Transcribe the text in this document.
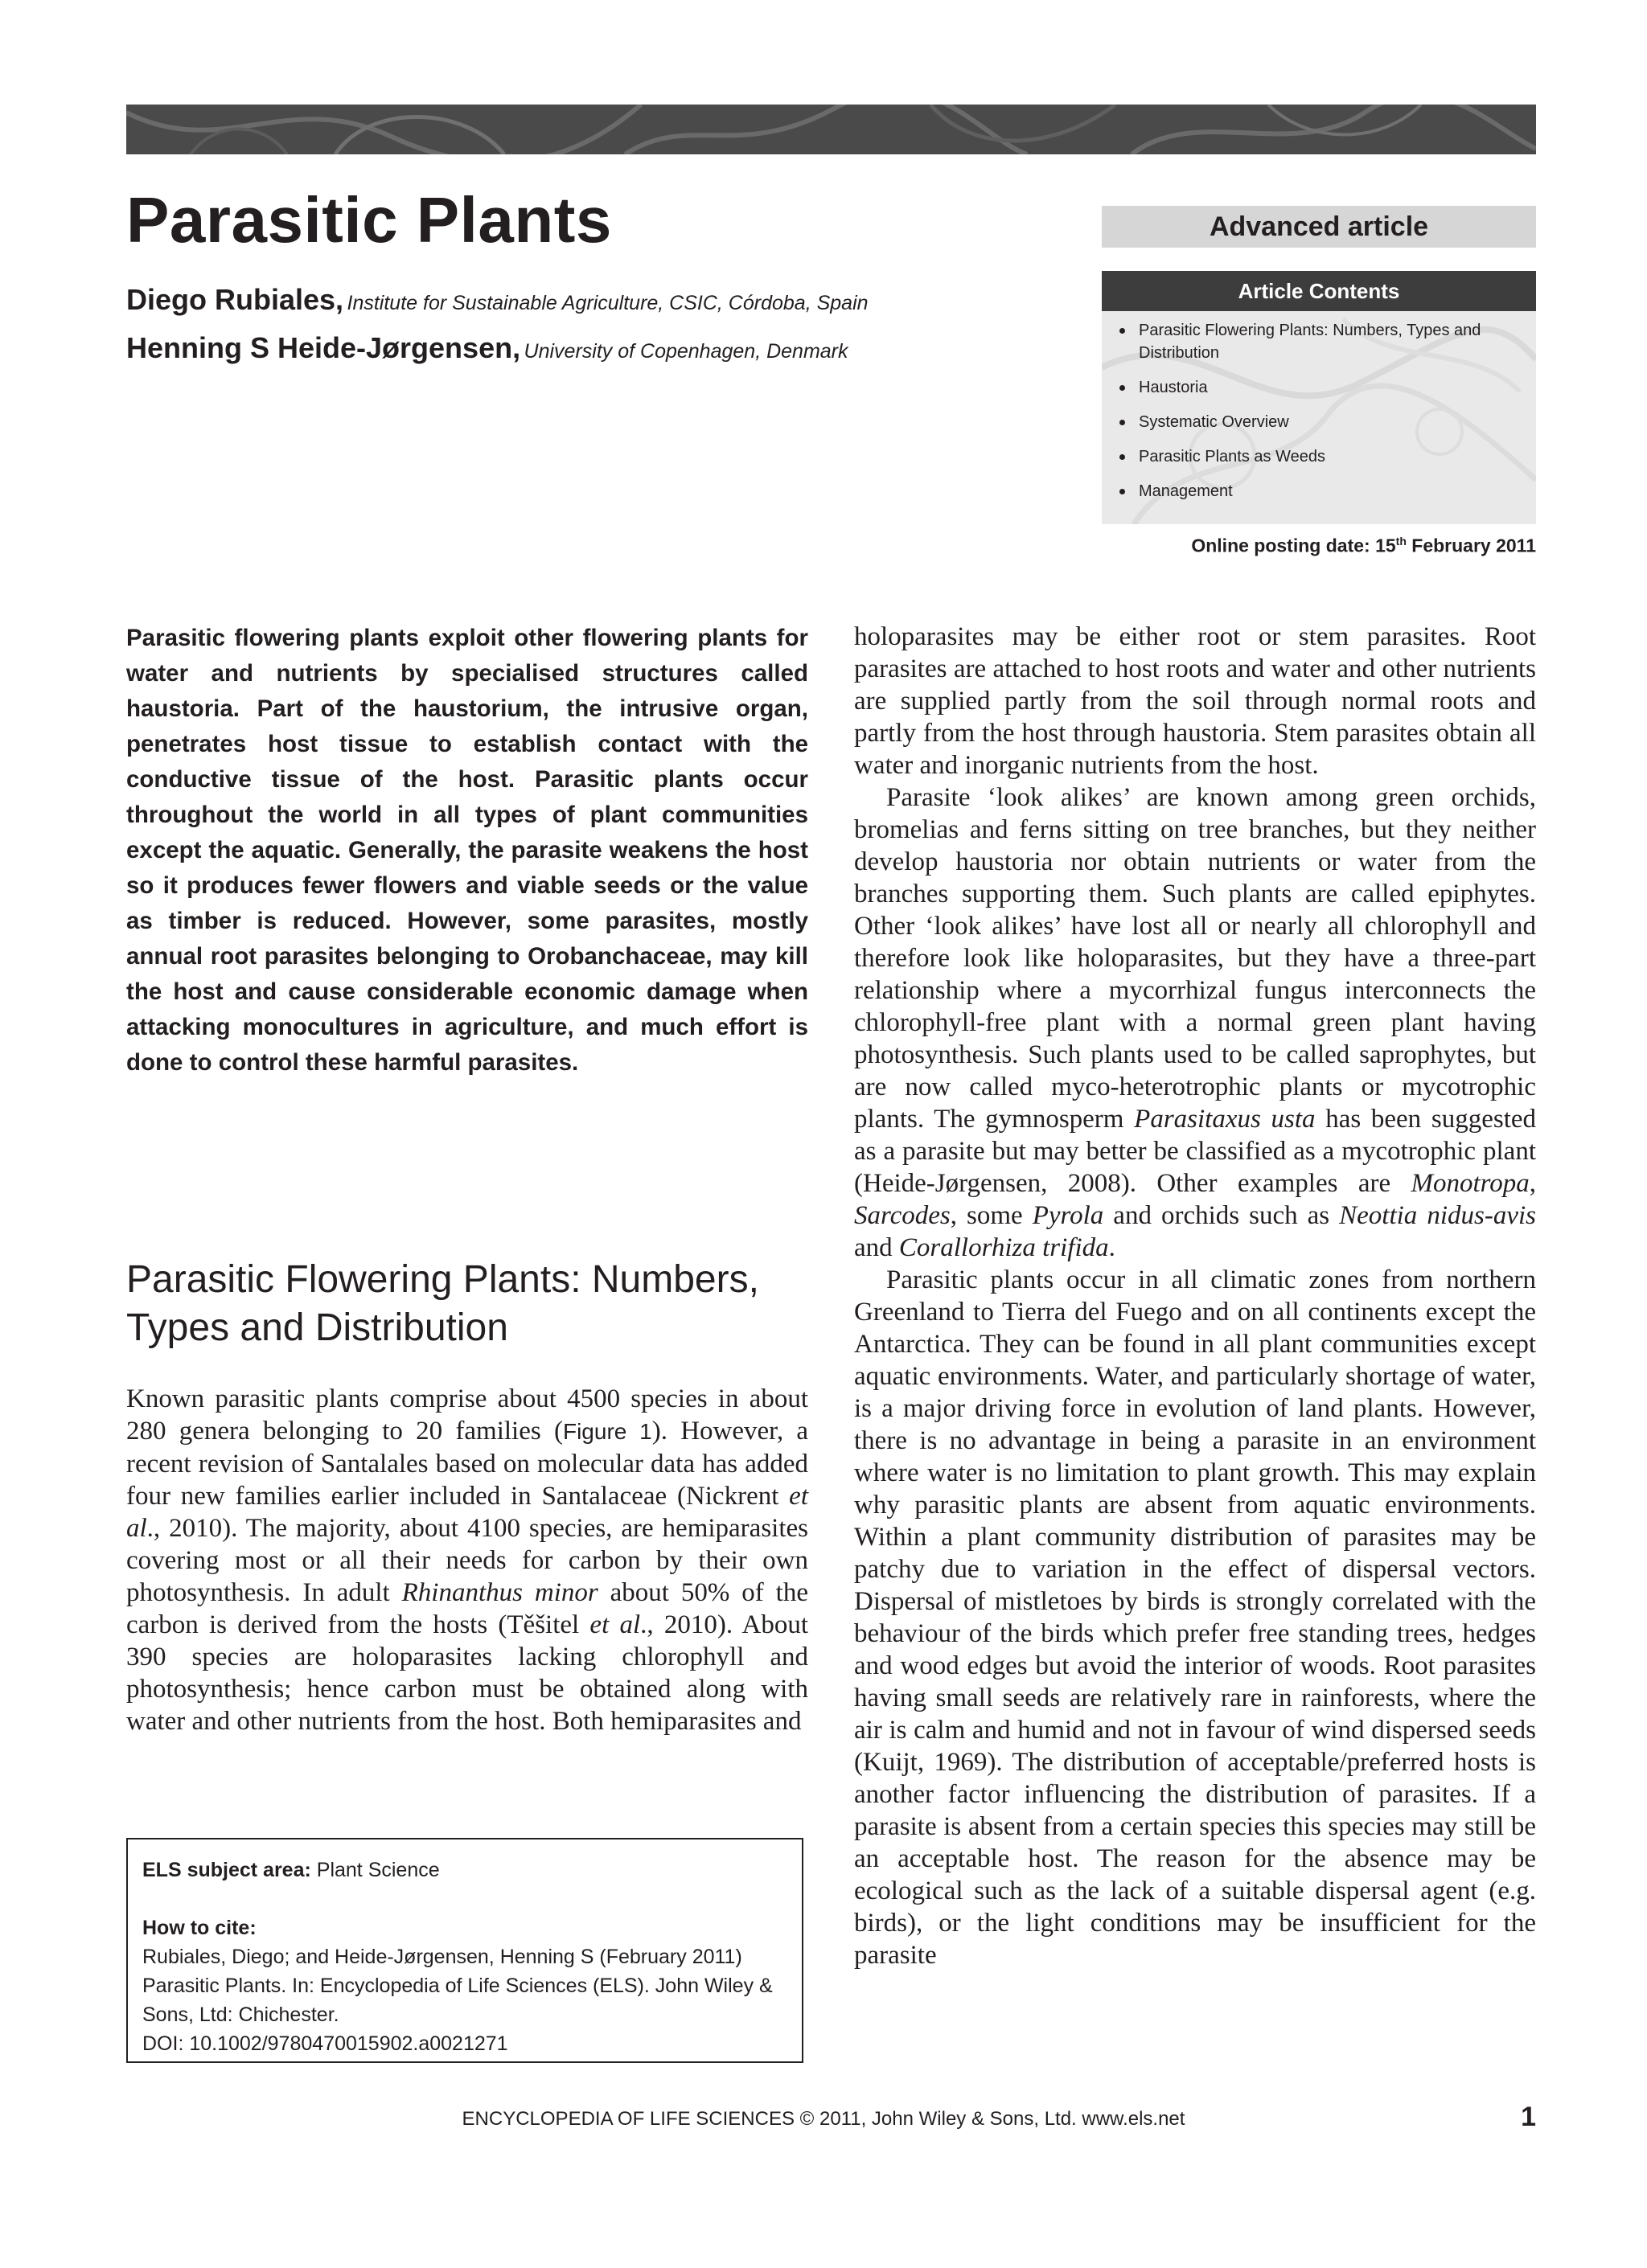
Parasitic Plants
Diego Rubiales, Institute for Sustainable Agriculture, CSIC, Córdoba, Spain
Henning S Heide-Jørgensen, University of Copenhagen, Denmark
Advanced article
Article Contents
Parasitic Flowering Plants: Numbers, Types and Distribution
Haustoria
Systematic Overview
Parasitic Plants as Weeds
Management
Online posting date: 15th February 2011

Parasitic flowering plants exploit other flowering plants for water and nutrients by specialised structures called haustoria. Part of the haustorium, the intrusive organ, penetrates host tissue to establish contact with the conductive tissue of the host. Parasitic plants occur throughout the world in all types of plant communities except the aquatic. Generally, the parasite weakens the host so it produces fewer flowers and viable seeds or the value as timber is reduced. However, some parasites, mostly annual root parasites belonging to Orobanchaceae, may kill the host and cause considerable economic damage when attacking monocultures in agriculture, and much effort is done to control these harmful parasites.

Parasitic Flowering Plants: Numbers, Types and Distribution

Known parasitic plants comprise about 4500 species in about 280 genera belonging to 20 families (Figure 1). However, a recent revision of Santalales based on molecular data has added four new families earlier included in Santalaceae (Nickrent et al., 2010). The majority, about 4100 species, are hemiparasites covering most or all their needs for carbon by their own photosynthesis. In adult Rhinanthus minor about 50% of the carbon is derived from the hosts (Těšitel et al., 2010). About 390 species are holoparasites lacking chlorophyll and photosynthesis; hence carbon must be obtained along with water and other nutrients from the host. Both hemiparasites and

holoparasites may be either root or stem parasites. Root parasites are attached to host roots and water and other nutrients are supplied partly from the soil through normal roots and partly from the host through haustoria. Stem parasites obtain all water and inorganic nutrients from the host.

Parasite ‘look alikes’ are known among green orchids, bromelias and ferns sitting on tree branches, but they neither develop haustoria nor obtain nutrients or water from the branches supporting them. Such plants are called epiphytes. Other ‘look alikes’ have lost all or nearly all chlorophyll and therefore look like holoparasites, but they have a three-part relationship where a mycorrhizal fungus interconnects the chlorophyll-free plant with a normal green plant having photosynthesis. Such plants used to be called saprophytes, but are now called myco-heterotrophic plants or mycotrophic plants. The gymnosperm Parasitaxus usta has been suggested as a parasite but may better be classified as a mycotrophic plant (Heide-Jørgensen, 2008). Other examples are Monotropa, Sarcodes, some Pyrola and orchids such as Neottia nidus-avis and Corallorhiza trifida.

Parasitic plants occur in all climatic zones from northern Greenland to Tierra del Fuego and on all continents except the Antarctica. They can be found in all plant communities except aquatic environments. Water, and particularly shortage of water, is a major driving force in evolution of land plants. However, there is no advantage in being a parasite in an environment where water is no limitation to plant growth. This may explain why parasitic plants are absent from aquatic environments. Within a plant community distribution of parasites may be patchy due to variation in the effect of dispersal vectors. Dispersal of mistletoes by birds is strongly correlated with the behaviour of the birds which prefer free standing trees, hedges and wood edges but avoid the interior of woods. Root parasites having small seeds are relatively rare in rainforests, where the air is calm and humid and not in favour of wind dispersed seeds (Kuijt, 1969). The distribution of acceptable/preferred hosts is another factor influencing the distribution of parasites. If a parasite is absent from a certain species this species may still be an acceptable host. The reason for the absence may be ecological such as the lack of a suitable dispersal agent (e.g. birds), or the light conditions may be insufficient for the parasite

ELS subject area: Plant Science

How to cite:

Rubiales, Diego; and Heide-Jørgensen, Henning S (February 2011)

Parasitic Plants. In: Encyclopedia of Life Sciences (ELS). John Wiley &

Sons, Ltd: Chichester.

DOI: 10.1002/9780470015902.a0021271

ENCYCLOPEDIA OF LIFE SCIENCES © 2011, John Wiley & Sons, Ltd. www.els.net	1
